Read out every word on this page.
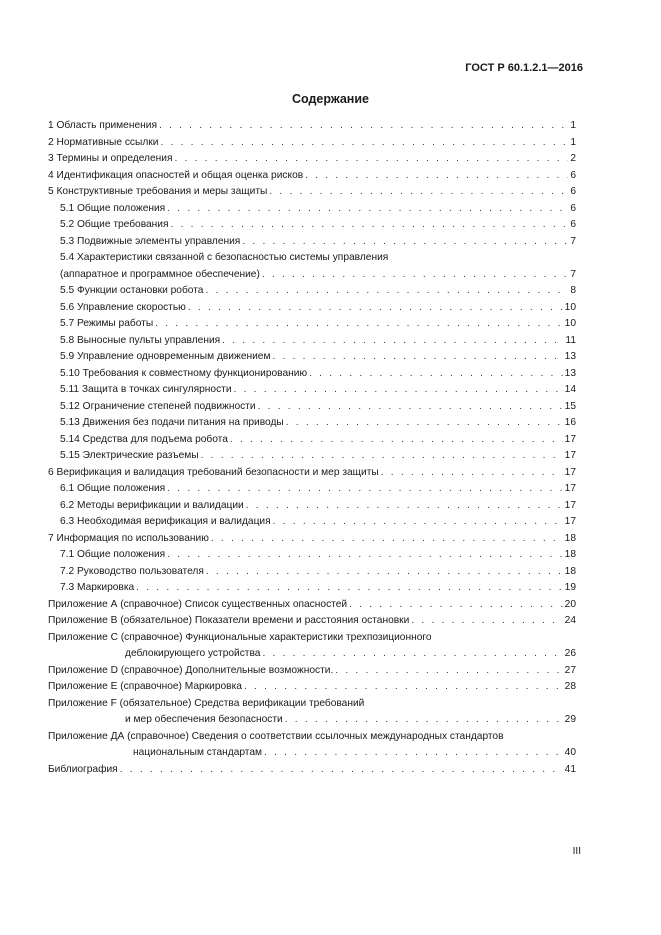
ГОСТ Р 60.1.2.1—2016
Содержание
1 Область применения . . .	1
2 Нормативные ссылки . . .	1
3 Термины и определения . . .	2
4 Идентификация опасностей и общая оценка рисков . . .	6
5 Конструктивные требования и меры защиты . . .	6
5.1 Общие положения . . .	6
5.2 Общие требования . . .	6
5.3 Подвижные элементы управления . . .	7
5.4 Характеристики связанной с безопасностью системы управления
(аппаратное и программное обеспечение) . . .	7
5.5 Функции остановки робота . . .	8
5.6 Управление скоростью . . .	10
5.7 Режимы работы . . .	10
5.8 Выносные пульты управления . . .	11
5.9 Управление одновременным движением . . .	13
5.10 Требования к совместному функционированию . . .	13
5.11 Защита в точках сингулярности . . .	14
5.12 Ограничение степеней подвижности . . .	15
5.13 Движения без подачи питания на приводы . . .	16
5.14 Средства для подъема робота . . .	17
5.15 Электрические разъемы . . .	17
6 Верификация и валидация требований безопасности и мер защиты . . .	17
6.1 Общие положения . . .	17
6.2 Методы верификации и валидации . . .	17
6.3 Необходимая верификация и валидация . . .	17
7 Информация по использованию . . .	18
7.1 Общие положения . . .	18
7.2 Руководство пользователя . . .	18
7.3 Маркировка . . .	19
Приложение А (справочное) Список существенных опасностей . . .	20
Приложение В (обязательное) Показатели времени и расстояния остановки . . .	24
Приложение С (справочное) Функциональные характеристики трехпозиционного
деблокирующего устройства . . .	26
Приложение D (справочное) Дополнительные возможности. . . .	27
Приложение Е (справочное) Маркировка . . .	28
Приложение F (обязательное) Средства верификации требований
и мер обеспечения безопасности . . .	29
Приложение ДА (справочное) Сведения о соответствии ссылочных международных стандартов
национальным стандартам . . .	40
Библиография . . .	41
III
